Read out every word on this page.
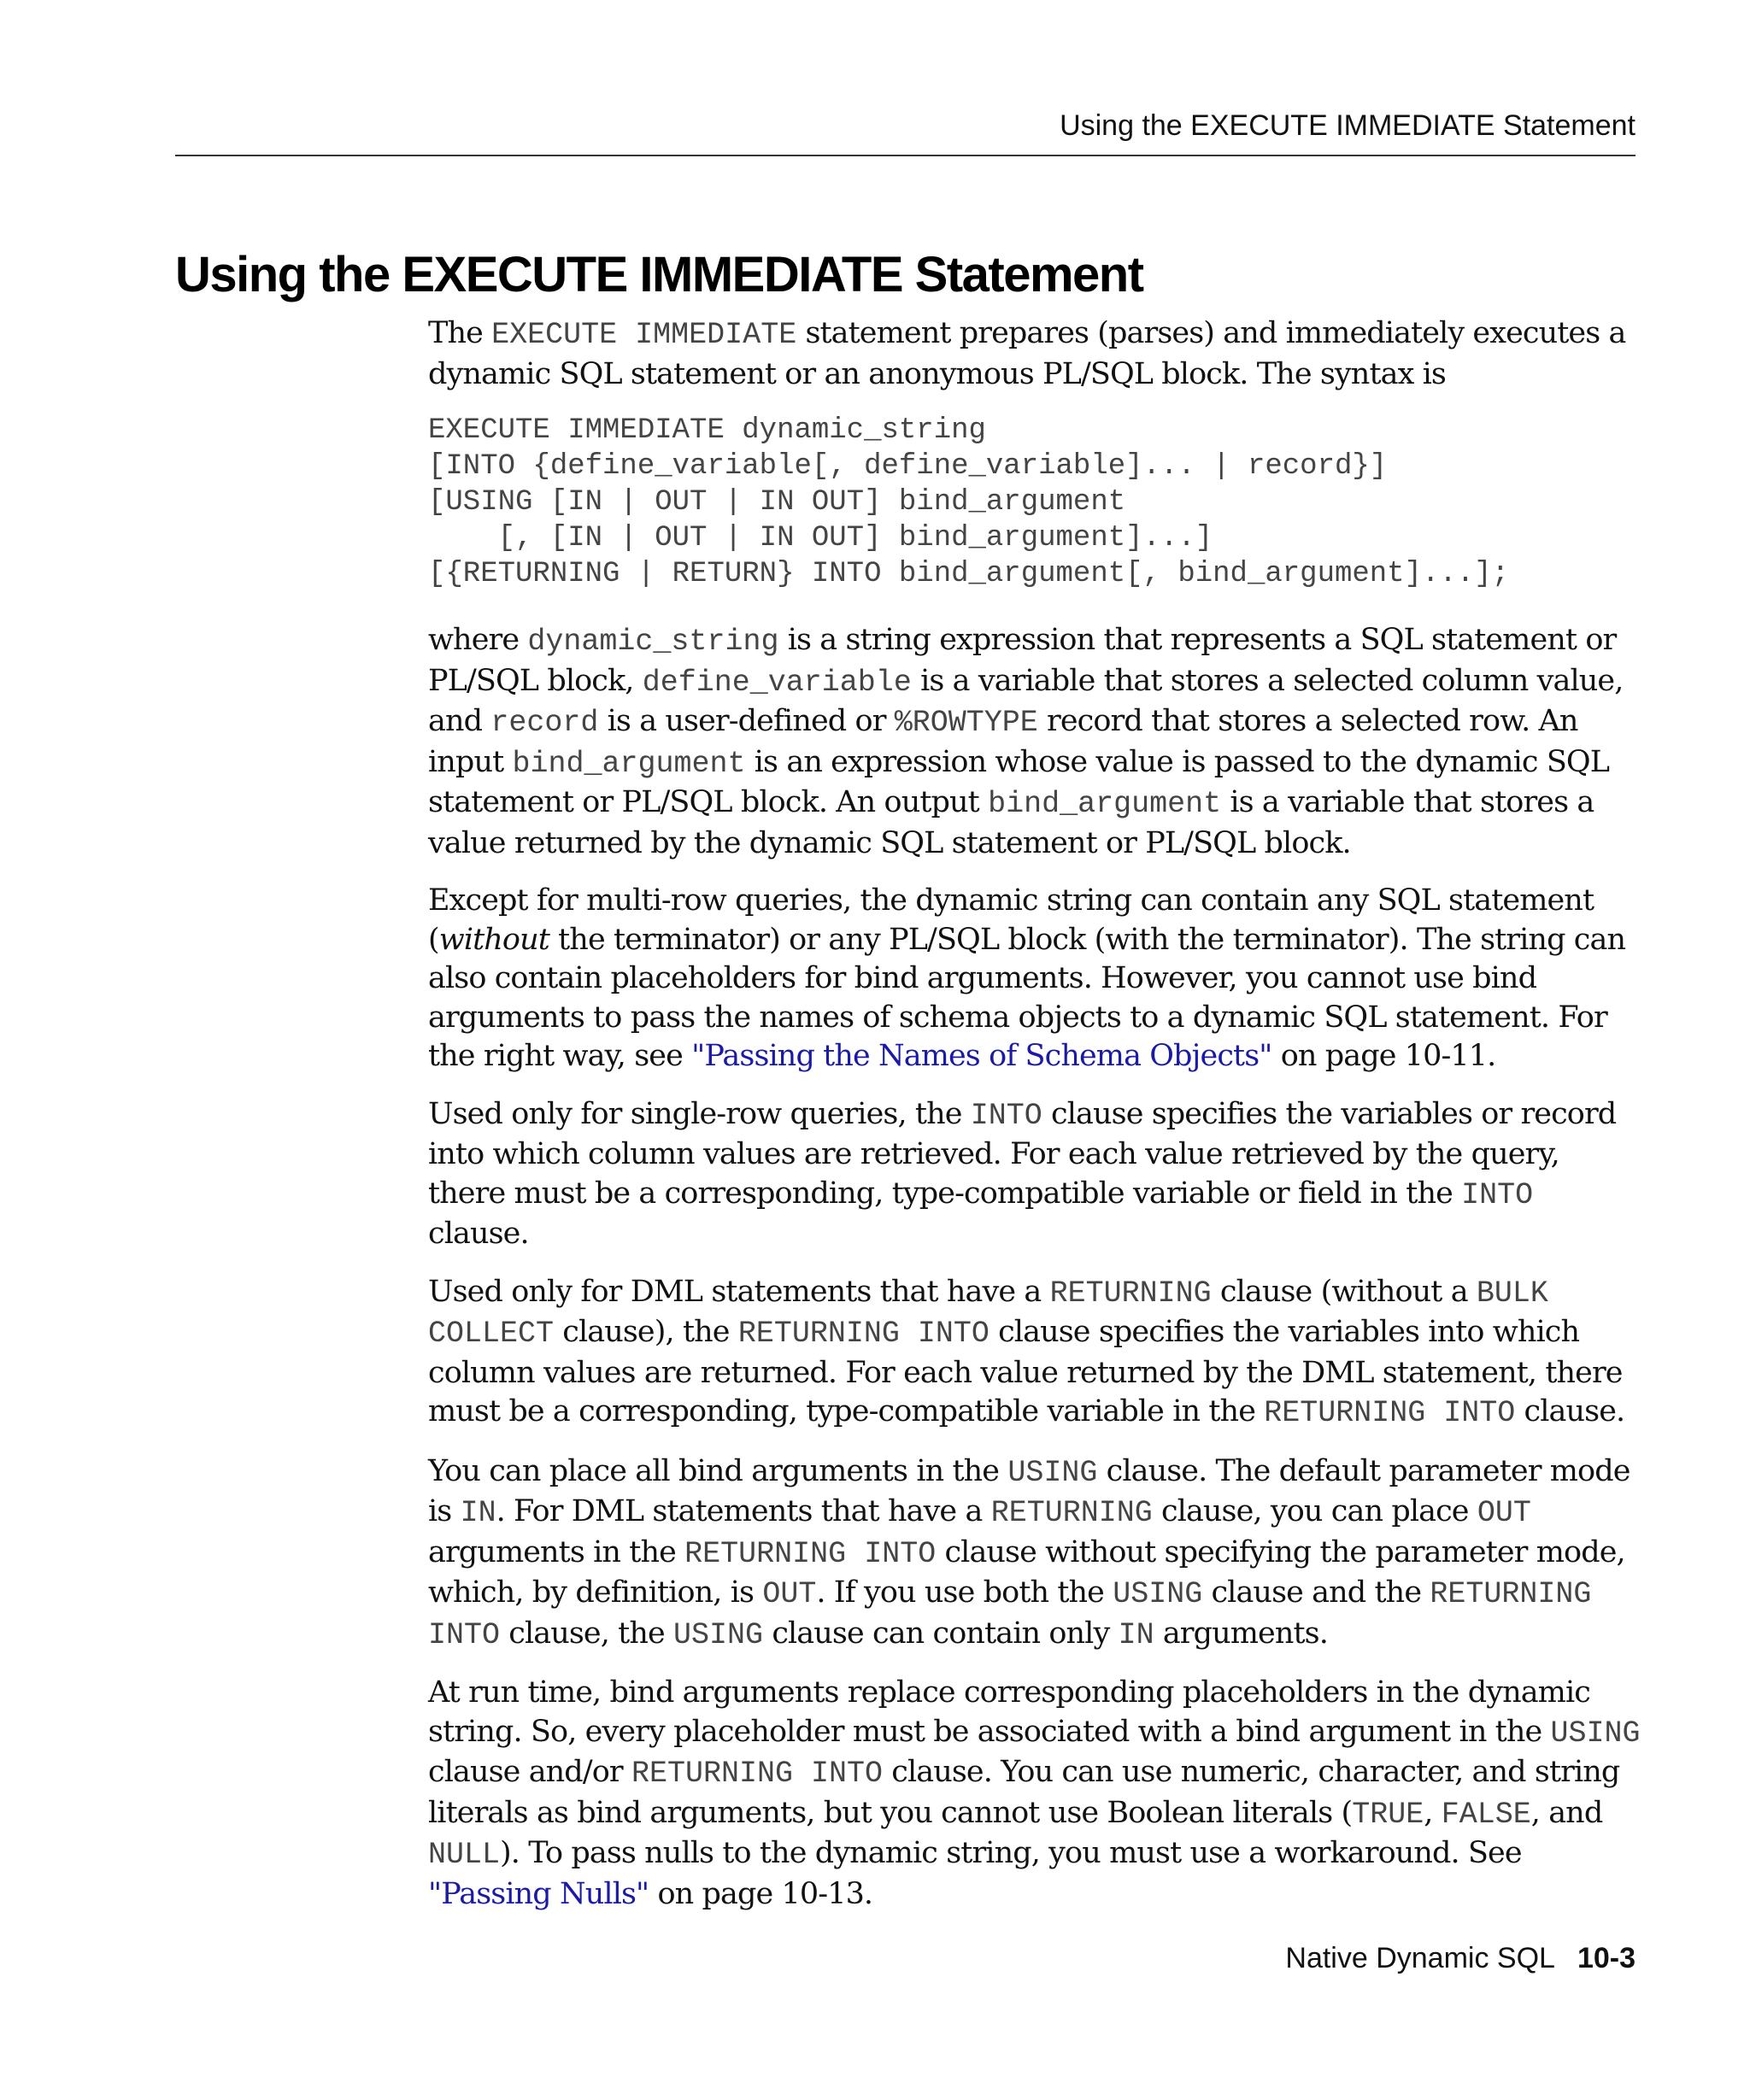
Using the EXECUTE IMMEDIATE Statement
Using the EXECUTE IMMEDIATE Statement

The EXECUTE IMMEDIATE statement prepares (parses) and immediately executes a dynamic SQL statement or an anonymous PL/SQL block. The syntax is

EXECUTE IMMEDIATE dynamic_string
[INTO {define_variable[, define_variable]... | record}]
[USING [IN | OUT | IN OUT] bind_argument
[, [IN | OUT | IN OUT] bind_argument]...]
[{RETURNING | RETURN} INTO bind_argument[, bind_argument]...];

where dynamic_string is a string expression that represents a SQL statement or PL/SQL block, define_variable is a variable that stores a selected column value, and record is a user-defined or %ROWTYPE record that stores a selected row. An input bind_argument is an expression whose value is passed to the dynamic SQL statement or PL/SQL block. An output bind_argument is a variable that stores a value returned by the dynamic SQL statement or PL/SQL block.

Except for multi-row queries, the dynamic string can contain any SQL statement (without the terminator) or any PL/SQL block (with the terminator). The string can also contain placeholders for bind arguments. However, you cannot use bind arguments to pass the names of schema objects to a dynamic SQL statement. For the right way, see "Passing the Names of Schema Objects" on page 10-11.

Used only for single-row queries, the INTO clause specifies the variables or record into which column values are retrieved. For each value retrieved by the query, there must be a corresponding, type-compatible variable or field in the INTO clause.

Used only for DML statements that have a RETURNING clause (without a BULK COLLECT clause), the RETURNING INTO clause specifies the variables into which column values are returned. For each value returned by the DML statement, there must be a corresponding, type-compatible variable in the RETURNING INTO clause.

You can place all bind arguments in the USING clause. The default parameter mode is IN. For DML statements that have a RETURNING clause, you can place OUT arguments in the RETURNING INTO clause without specifying the parameter mode, which, by definition, is OUT. If you use both the USING clause and the RETURNING INTO clause, the USING clause can contain only IN arguments.

At run time, bind arguments replace corresponding placeholders in the dynamic string. So, every placeholder must be associated with a bind argument in the USING clause and/or RETURNING INTO clause. You can use numeric, character, and string literals as bind arguments, but you cannot use Boolean literals (TRUE, FALSE, and NULL). To pass nulls to the dynamic string, you must use a workaround. See "Passing Nulls" on page 10-13.

Native Dynamic SQL 10-3
